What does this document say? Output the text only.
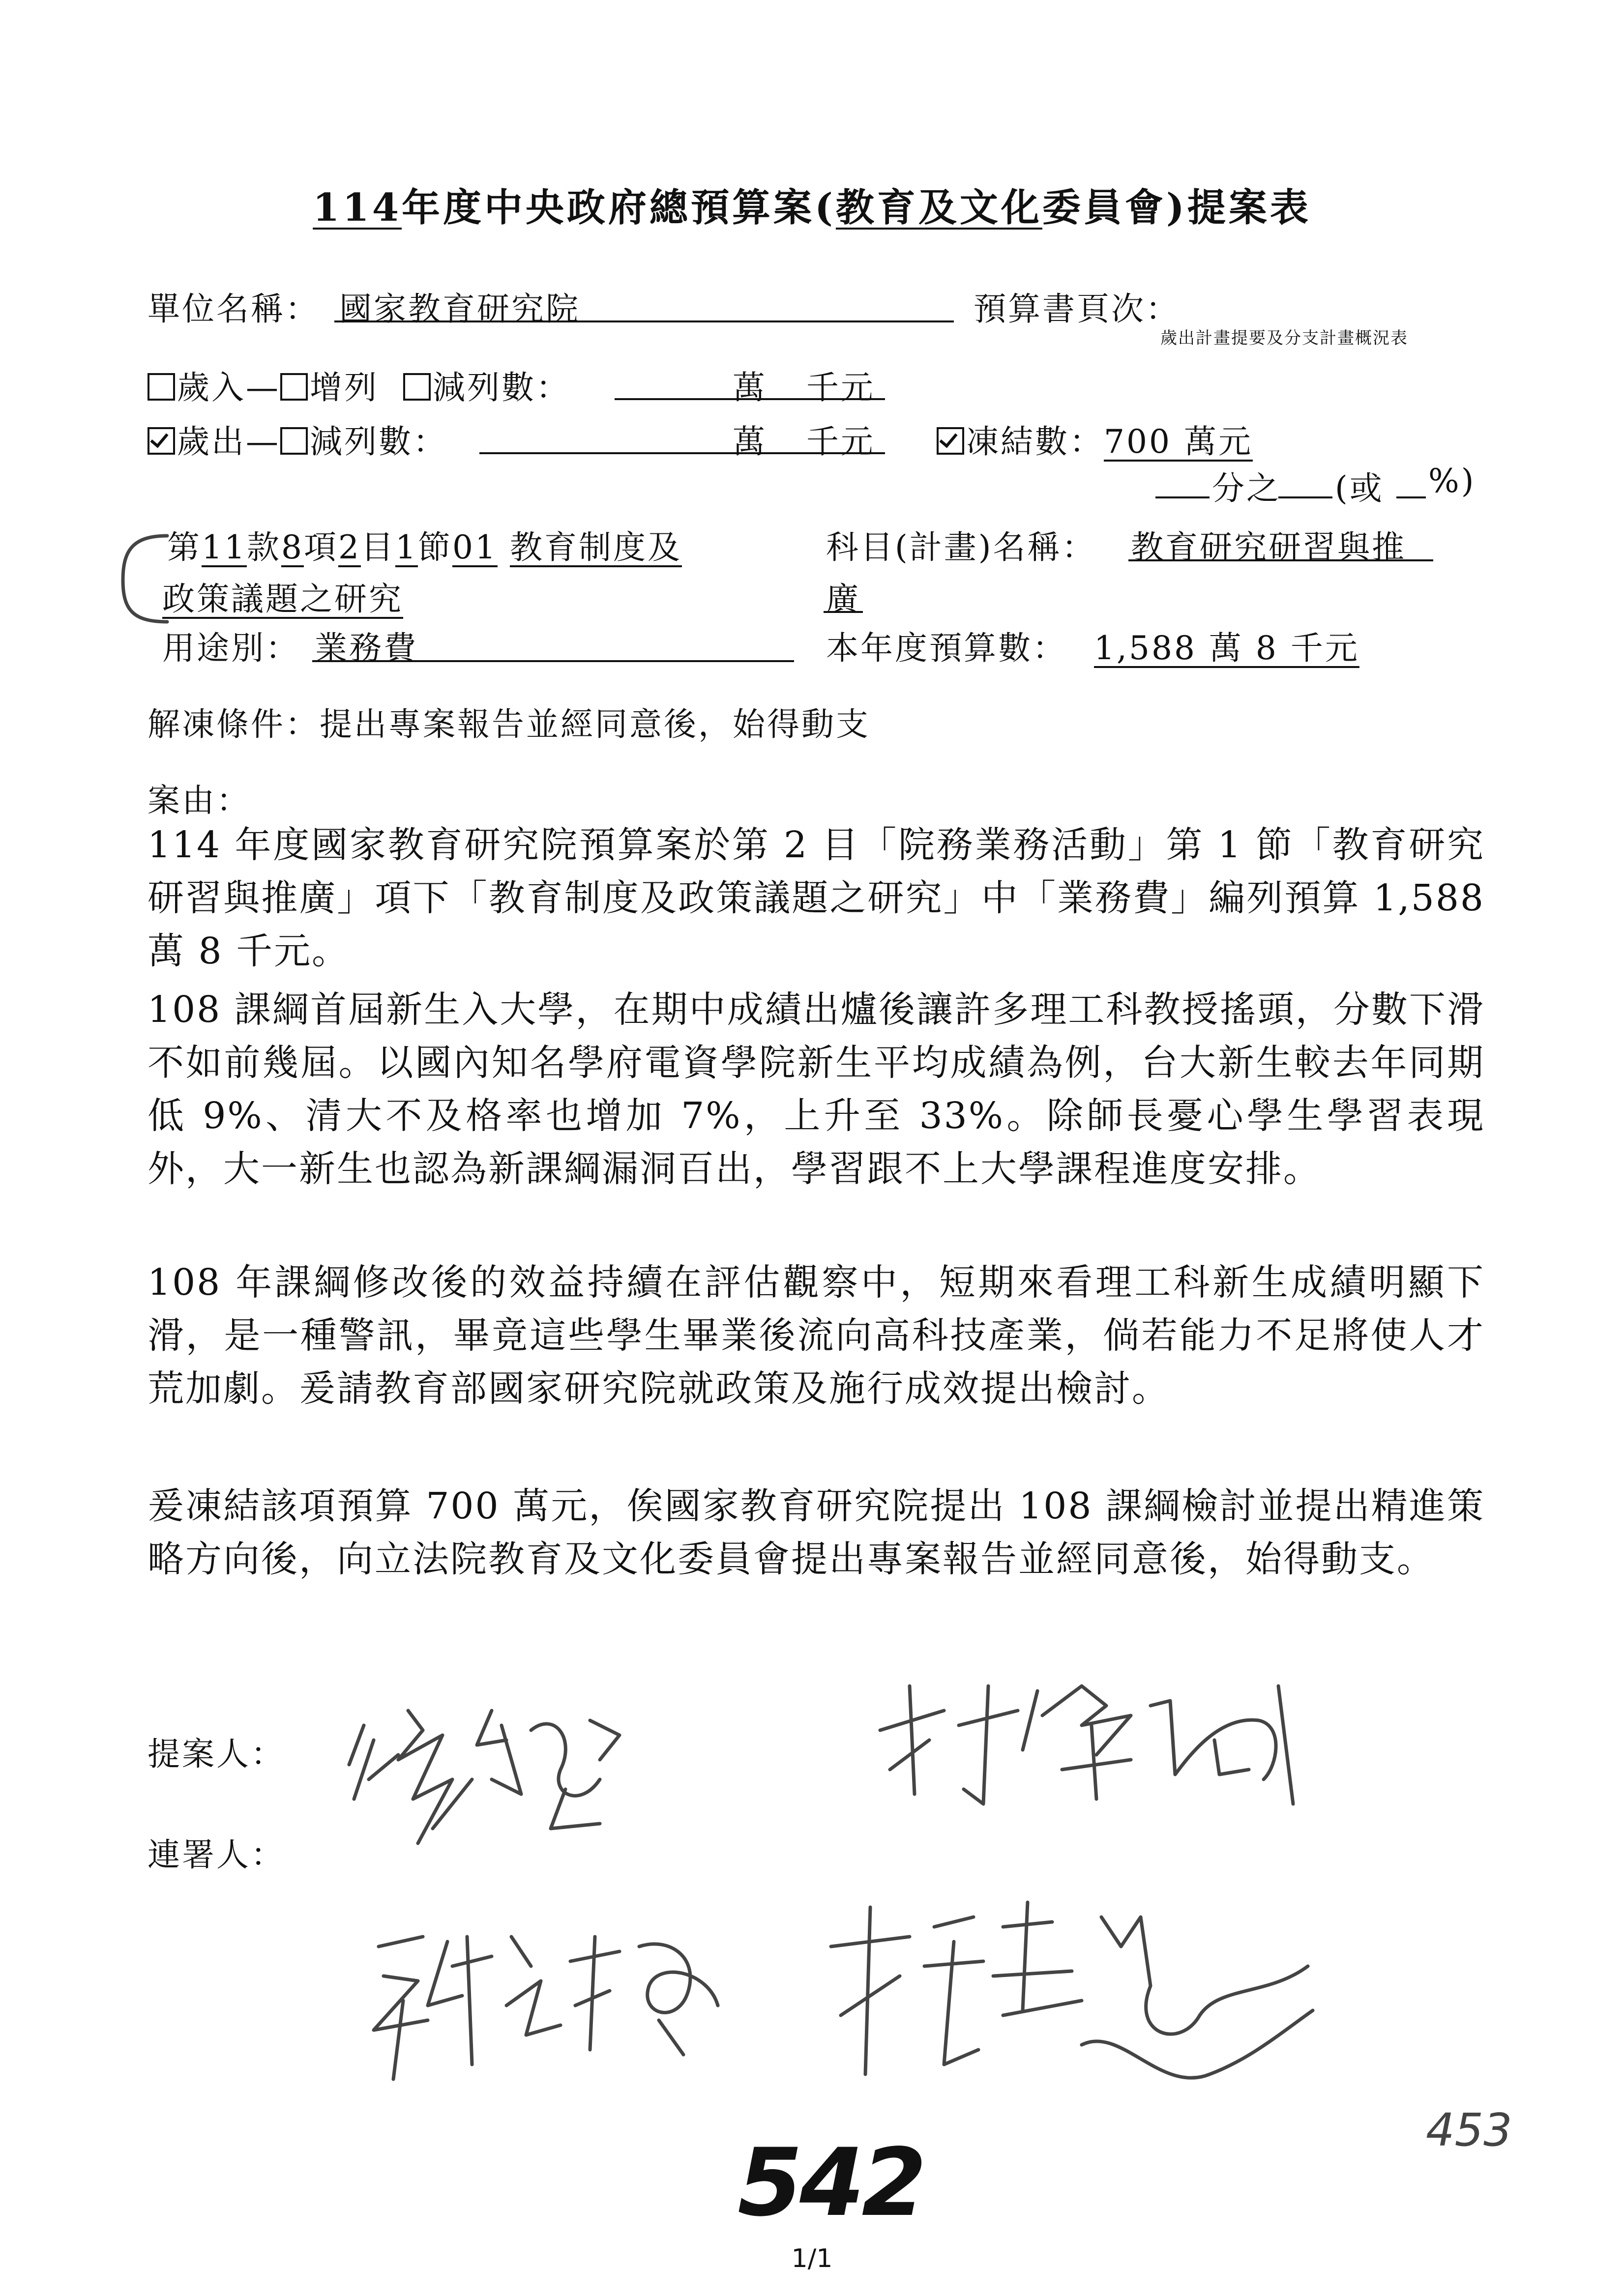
114年度中央政府總預算案(教育及文化委員會)提案表
單位名稱： 國家教育研究院	預算書頁次：
歲出計畫提要及分支計畫概況表
歲入— 增列 減列數：	萬 千元
歲出— 減列數：	萬 千元	凍結數：700 萬元
分之 (或 %)
第11款8項2目1節01 教育制度及
政策議題之研究
科目(計畫)名稱： 教育研究研習與推
廣
用途別： 業務費	本年度預算數： 1,588 萬 8 千元
解凍條件：提出專案報告並經同意後，始得動支
案由：
114 年度國家教育研究院預算案於第 2 目「院務業務活動」第 1 節「教育研究研習與推廣」項下「教育制度及政策議題之研究」中「業務費」編列預算 1,588 萬 8 千元。
108 課綱首屆新生入大學，在期中成績出爐後讓許多理工科教授搖頭，分數下滑不如前幾屆。以國內知名學府電資學院新生平均成績為例，台大新生較去年同期低 9%、清大不及格率也增加 7%，上升至 33%。除師長憂心學生學習表現外，大一新生也認為新課綱漏洞百出，學習跟不上大學課程進度安排。
108 年課綱修改後的效益持續在評估觀察中，短期來看理工科新生成績明顯下滑，是一種警訊，畢竟這些學生畢業後流向高科技產業，倘若能力不足將使人才荒加劇。爰請教育部國家研究院就政策及施行成效提出檢討。
爰凍結該項預算 700 萬元，俟國家教育研究院提出 108 課綱檢討並提出精進策略方向後，向立法院教育及文化委員會提出專案報告並經同意後，始得動支。
提案人：
連署人：
542	453
1/1
